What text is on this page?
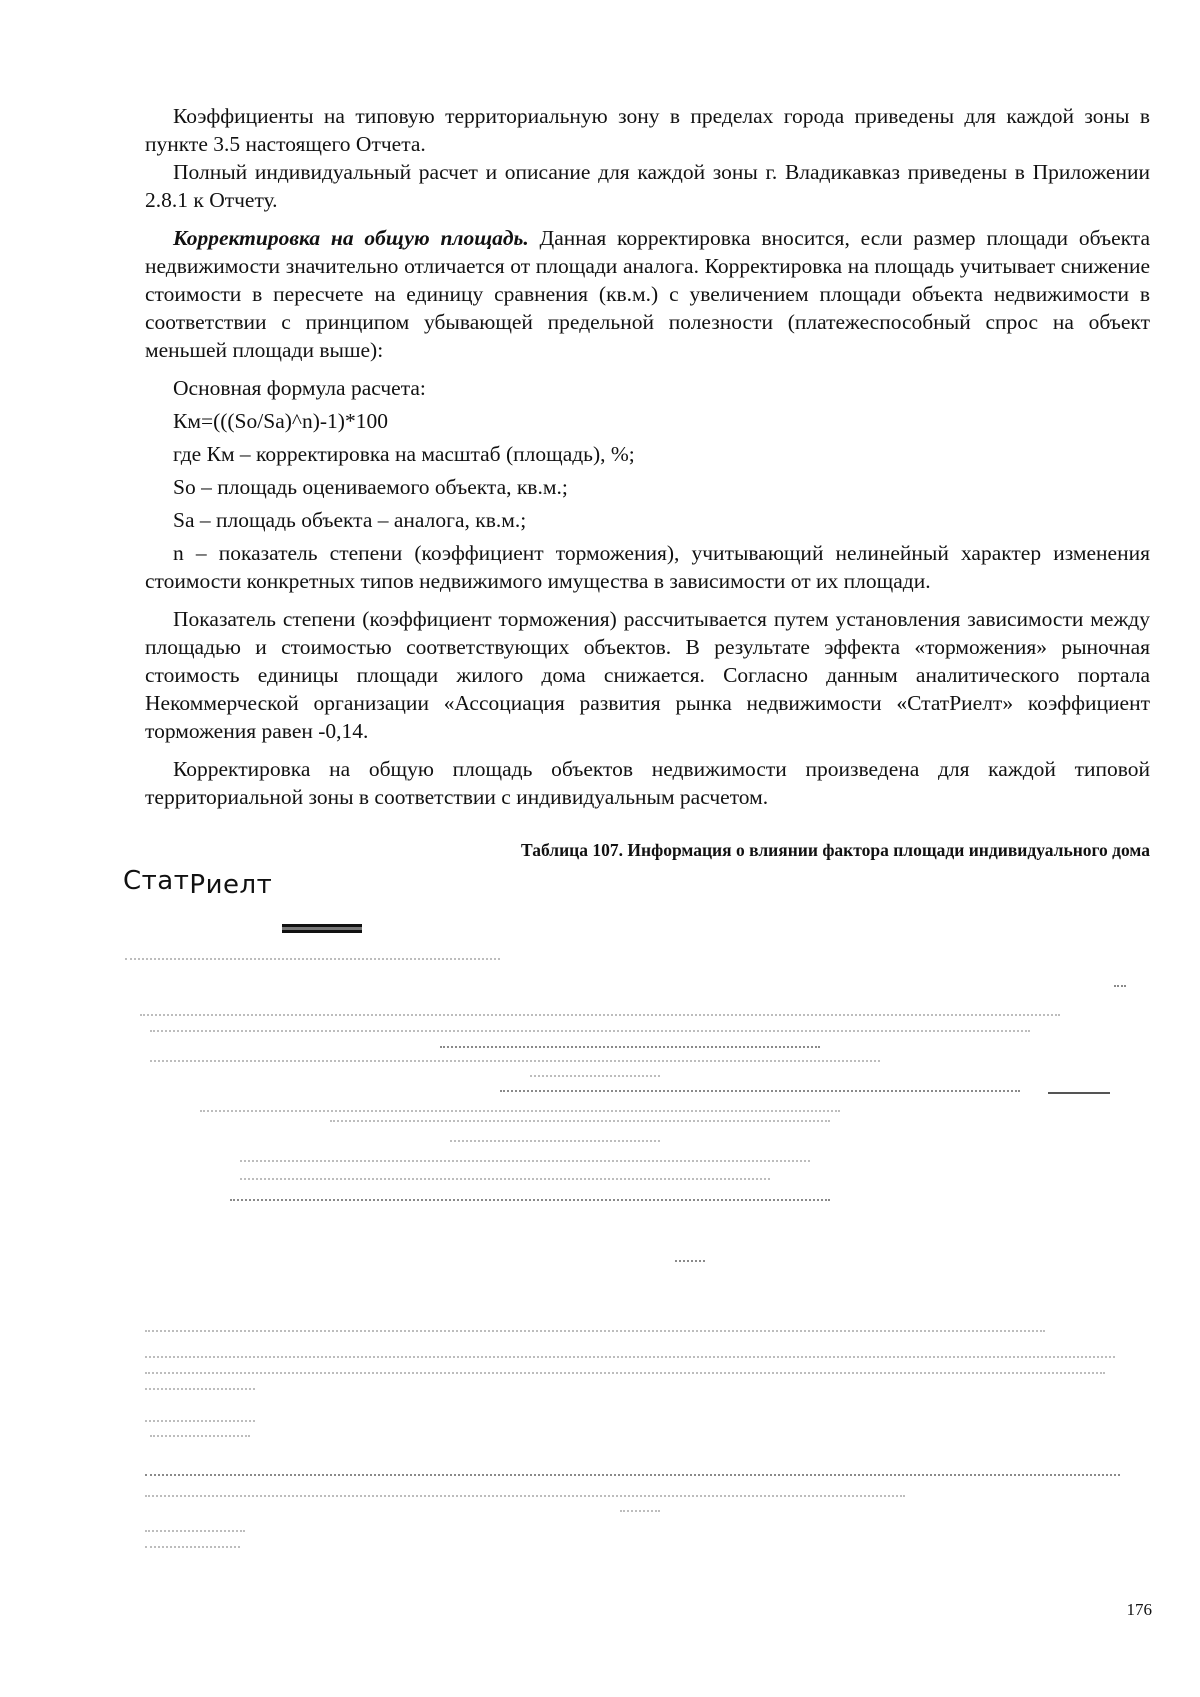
Коэффициенты на типовую территориальную зону в пределах города приведены для каждой зоны в пункте 3.5 настоящего Отчета.

Полный индивидуальный расчет и описание для каждой зоны г. Владикавказ приведены в Приложении 2.8.1 к Отчету.

Корректировка на общую площадь. Данная корректировка вносится, если размер площади объекта недвижимости значительно отличается от площади аналога. Корректировка на площадь учитывает снижение стоимости в пересчете на единицу сравнения (кв.м.) с увеличением площади объекта недвижимости в соответствии с принципом убывающей предельной полезности (платежеспособный спрос на объект меньшей площади выше):

Основная формула расчета:

Км=(((So/Sa)^n)-1)*100

где Км – корректировка на масштаб (площадь), %;

So – площадь оцениваемого объекта, кв.м.;

Sa – площадь объекта – аналога, кв.м.;

n – показатель степени (коэффициент торможения), учитывающий нелинейный характер изменения стоимости конкретных типов недвижимого имущества в зависимости от их площади.

Показатель степени (коэффициент торможения) рассчитывается путем установления зависимости между площадью и стоимостью соответствующих объектов. В результате эффекта «торможения» рыночная стоимость единицы площади жилого дома снижается. Согласно данным аналитического портала Некоммерческой организации «Ассоциация развития рынка недвижимости «СтатРиелт» коэффициент торможения равен -0,14.

Корректировка на общую площадь объектов недвижимости произведена для каждой типовой территориальной зоны в соответствии с индивидуальным расчетом.

Таблица 107. Информация о влиянии фактора площади индивидуального дома
СтатРиелт
176
